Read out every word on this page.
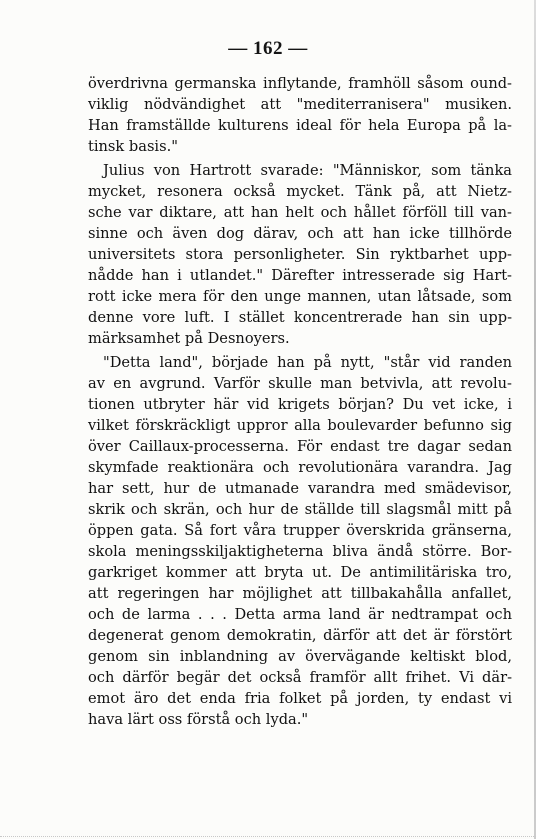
— 162 —
överdrivna germanska inflytande, framhöll såsom ound-
viklig nödvändighet att "mediterranisera" musiken.
Han framställde kulturens ideal för hela Europa på la-
tinsk basis."
Julius von Hartrott svarade: "Människor, som tänka
mycket, resonera också mycket. Tänk på, att Nietz-
sche var diktare, att han helt och hållet förföll till van-
sinne och även dog därav, och att han icke tillhörde
universitets stora personligheter. Sin ryktbarhet upp-
nådde han i utlandet." Därefter intresserade sig Hart-
rott icke mera för den unge mannen, utan låtsade, som
denne vore luft. I stället koncentrerade han sin upp-
märksamhet på Desnoyers.
"Detta land", började han på nytt, "står vid randen
av en avgrund. Varför skulle man betvivla, att revolu-
tionen utbryter här vid krigets början? Du vet icke, i
vilket förskräckligt uppror alla boulevarder befunno sig
över Caillaux-processerna. För endast tre dagar sedan
skymfade reaktionära och revolutionära varandra. Jag
har sett, hur de utmanade varandra med smädevisor,
skrik och skrän, och hur de ställde till slagsmål mitt på
öppen gata. Så fort våra trupper överskrida gränserna,
skola meningsskiljaktigheterna bliva ändå större. Bor-
garkriget kommer att bryta ut. De antimilitäriska tro,
att regeringen har möjlighet att tillbakahålla anfallet,
och de larma . . . Detta arma land är nedtrampat och
degenerat genom demokratin, därför att det är förstört
genom sin inblandning av övervägande keltiskt blod,
och därför begär det också framför allt frihet. Vi där-
emot äro det enda fria folket på jorden, ty endast vi
hava lärt oss förstå och lyda."
